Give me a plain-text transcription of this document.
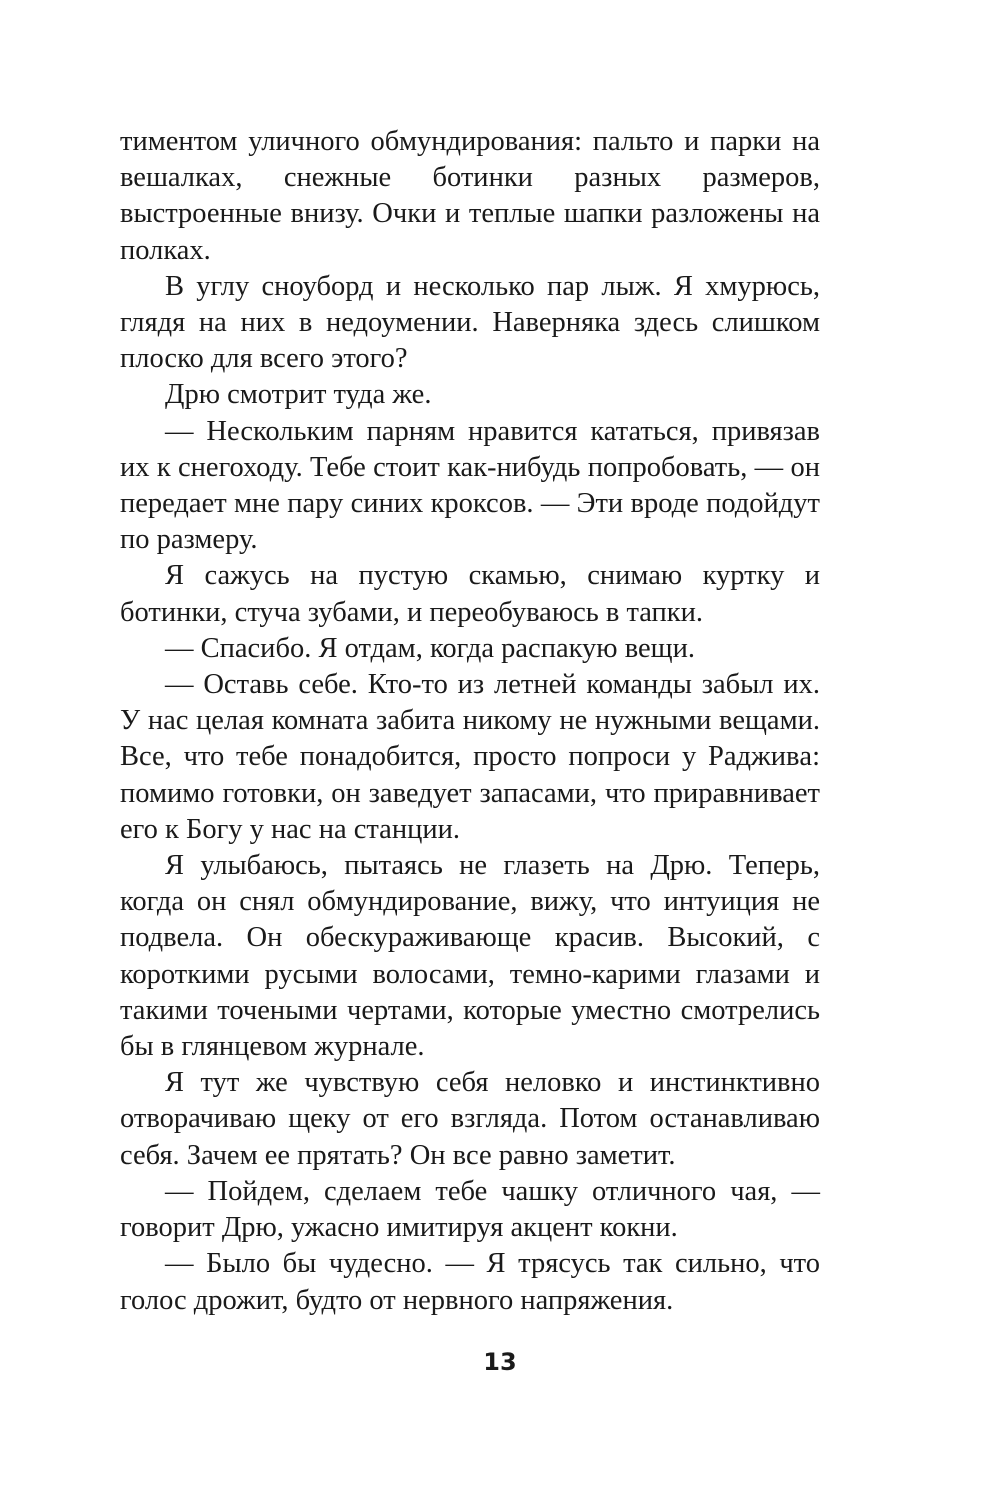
тиментом уличного обмундирования: пальто и парки на вешалках, снежные ботинки разных размеров, выстроенные внизу. Очки и теплые шапки разложены на полках.

В углу сноуборд и несколько пар лыж. Я хмурюсь, глядя на них в недоумении. Наверняка здесь слишком плоско для всего этого?

Дрю смотрит туда же.

— Нескольким парням нравится кататься, привязав их к снегоходу. Тебе стоит как-нибудь попробовать, — он передает мне пару синих кроксов. — Эти вроде подойдут по размеру.

Я сажусь на пустую скамью, снимаю куртку и ботинки, стуча зубами, и переобуваюсь в тапки.

— Спасибо. Я отдам, когда распакую вещи.

— Оставь себе. Кто-то из летней команды забыл их. У нас целая комната забита никому не нужными вещами. Все, что тебе понадобится, просто попроси у Радживa: помимо готовки, он заведует запасами, что приравнивает его к Богу у нас на станции.

Я улыбаюсь, пытаясь не глазеть на Дрю. Теперь, когда он снял обмундирование, вижу, что интуиция не подвела. Он обескураживающе красив. Высокий, с короткими русыми волосами, темно-карими глазами и такими точеными чертами, которые уместно смотрелись бы в глянцевом журнале.

Я тут же чувствую себя неловко и инстинктивно отворачиваю щеку от его взгляда. Потом останавливаю себя. Зачем ее прятать? Он все равно заметит.

— Пойдем, сделаем тебе чашку отличного чая, — говорит Дрю, ужасно имитируя акцент кокни.

— Было бы чудесно. — Я трясусь так сильно, что голос дрожит, будто от нервного напряжения.

13
